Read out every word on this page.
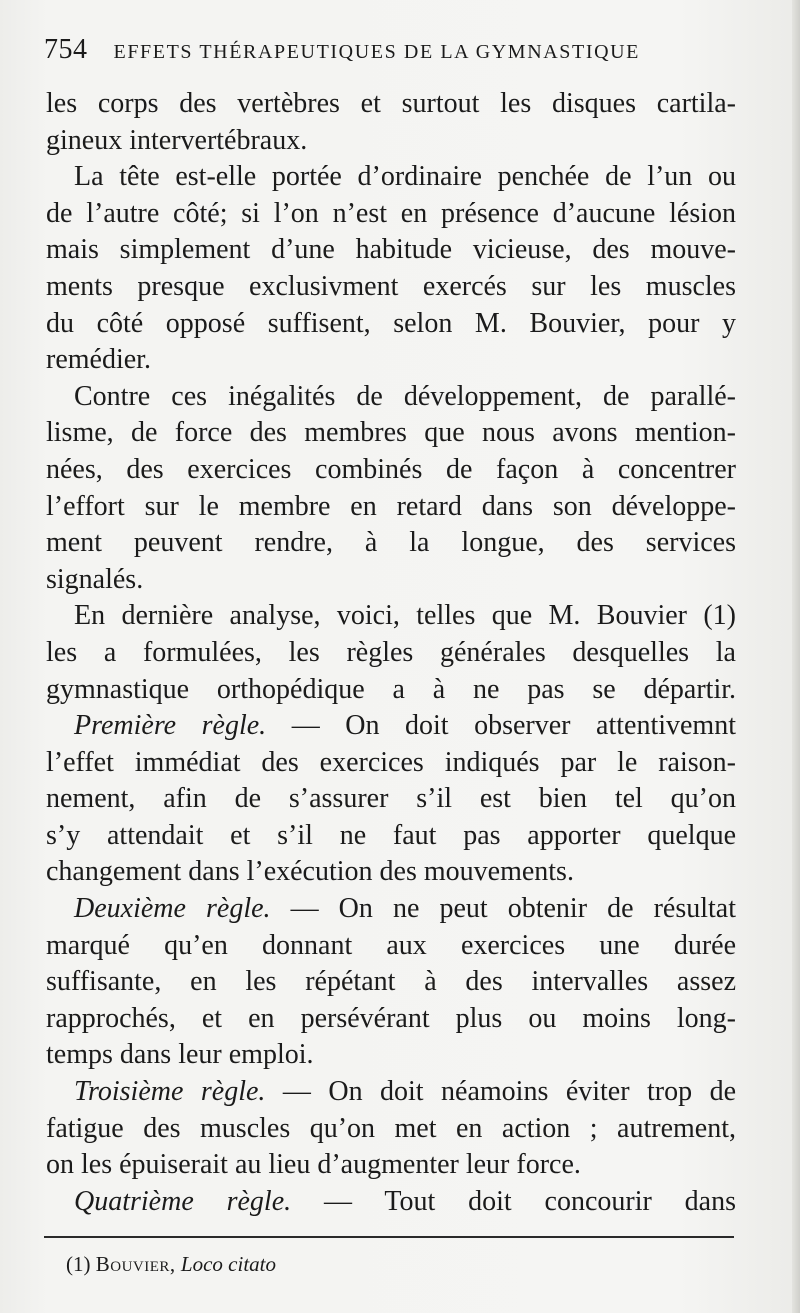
754 EFFETS THÉRAPEUTIQUES DE LA GYMNASTIQUE
les corps des vertèbres et surtout les disques cartila-
gineux intervertébraux.
La tête est-elle portée d’ordinaire penchée de l’un ou
de l’autre côté; si l’on n’est en présence d’aucune lésion
mais simplement d’une habitude vicieuse, des mouve-
ments presque exclusivment exercés sur les muscles
du côté opposé suffisent, selon M. Bouvier, pour y
remédier.
Contre ces inégalités de développement, de parallé-
lisme, de force des membres que nous avons mention-
nées, des exercices combinés de façon à concentrer
l’effort sur le membre en retard dans son développe-
ment peuvent rendre, à la longue, des services
signalés.
En dernière analyse, voici, telles que M. Bouvier (1)
les a formulées, les règles générales desquelles la
gymnastique orthopédique a à ne pas se départir.
Première règle. — On doit observer attentivemnt
l’effet immédiat des exercices indiqués par le raison-
nement, afin de s’assurer s’il est bien tel qu’on
s’y attendait et s’il ne faut pas apporter quelque
changement dans l’exécution des mouvements.
Deuxième règle. — On ne peut obtenir de résultat
marqué qu’en donnant aux exercices une durée
suffisante, en les répétant à des intervalles assez
rapprochés, et en persévérant plus ou moins long-
temps dans leur emploi.
Troisième règle. — On doit néamoins éviter trop de
fatigue des muscles qu’on met en action ; autrement,
on les épuiserait au lieu d’augmenter leur force.
Quatrième règle. — Tout doit concourir dans
(1) Bouvier, Loco citato
